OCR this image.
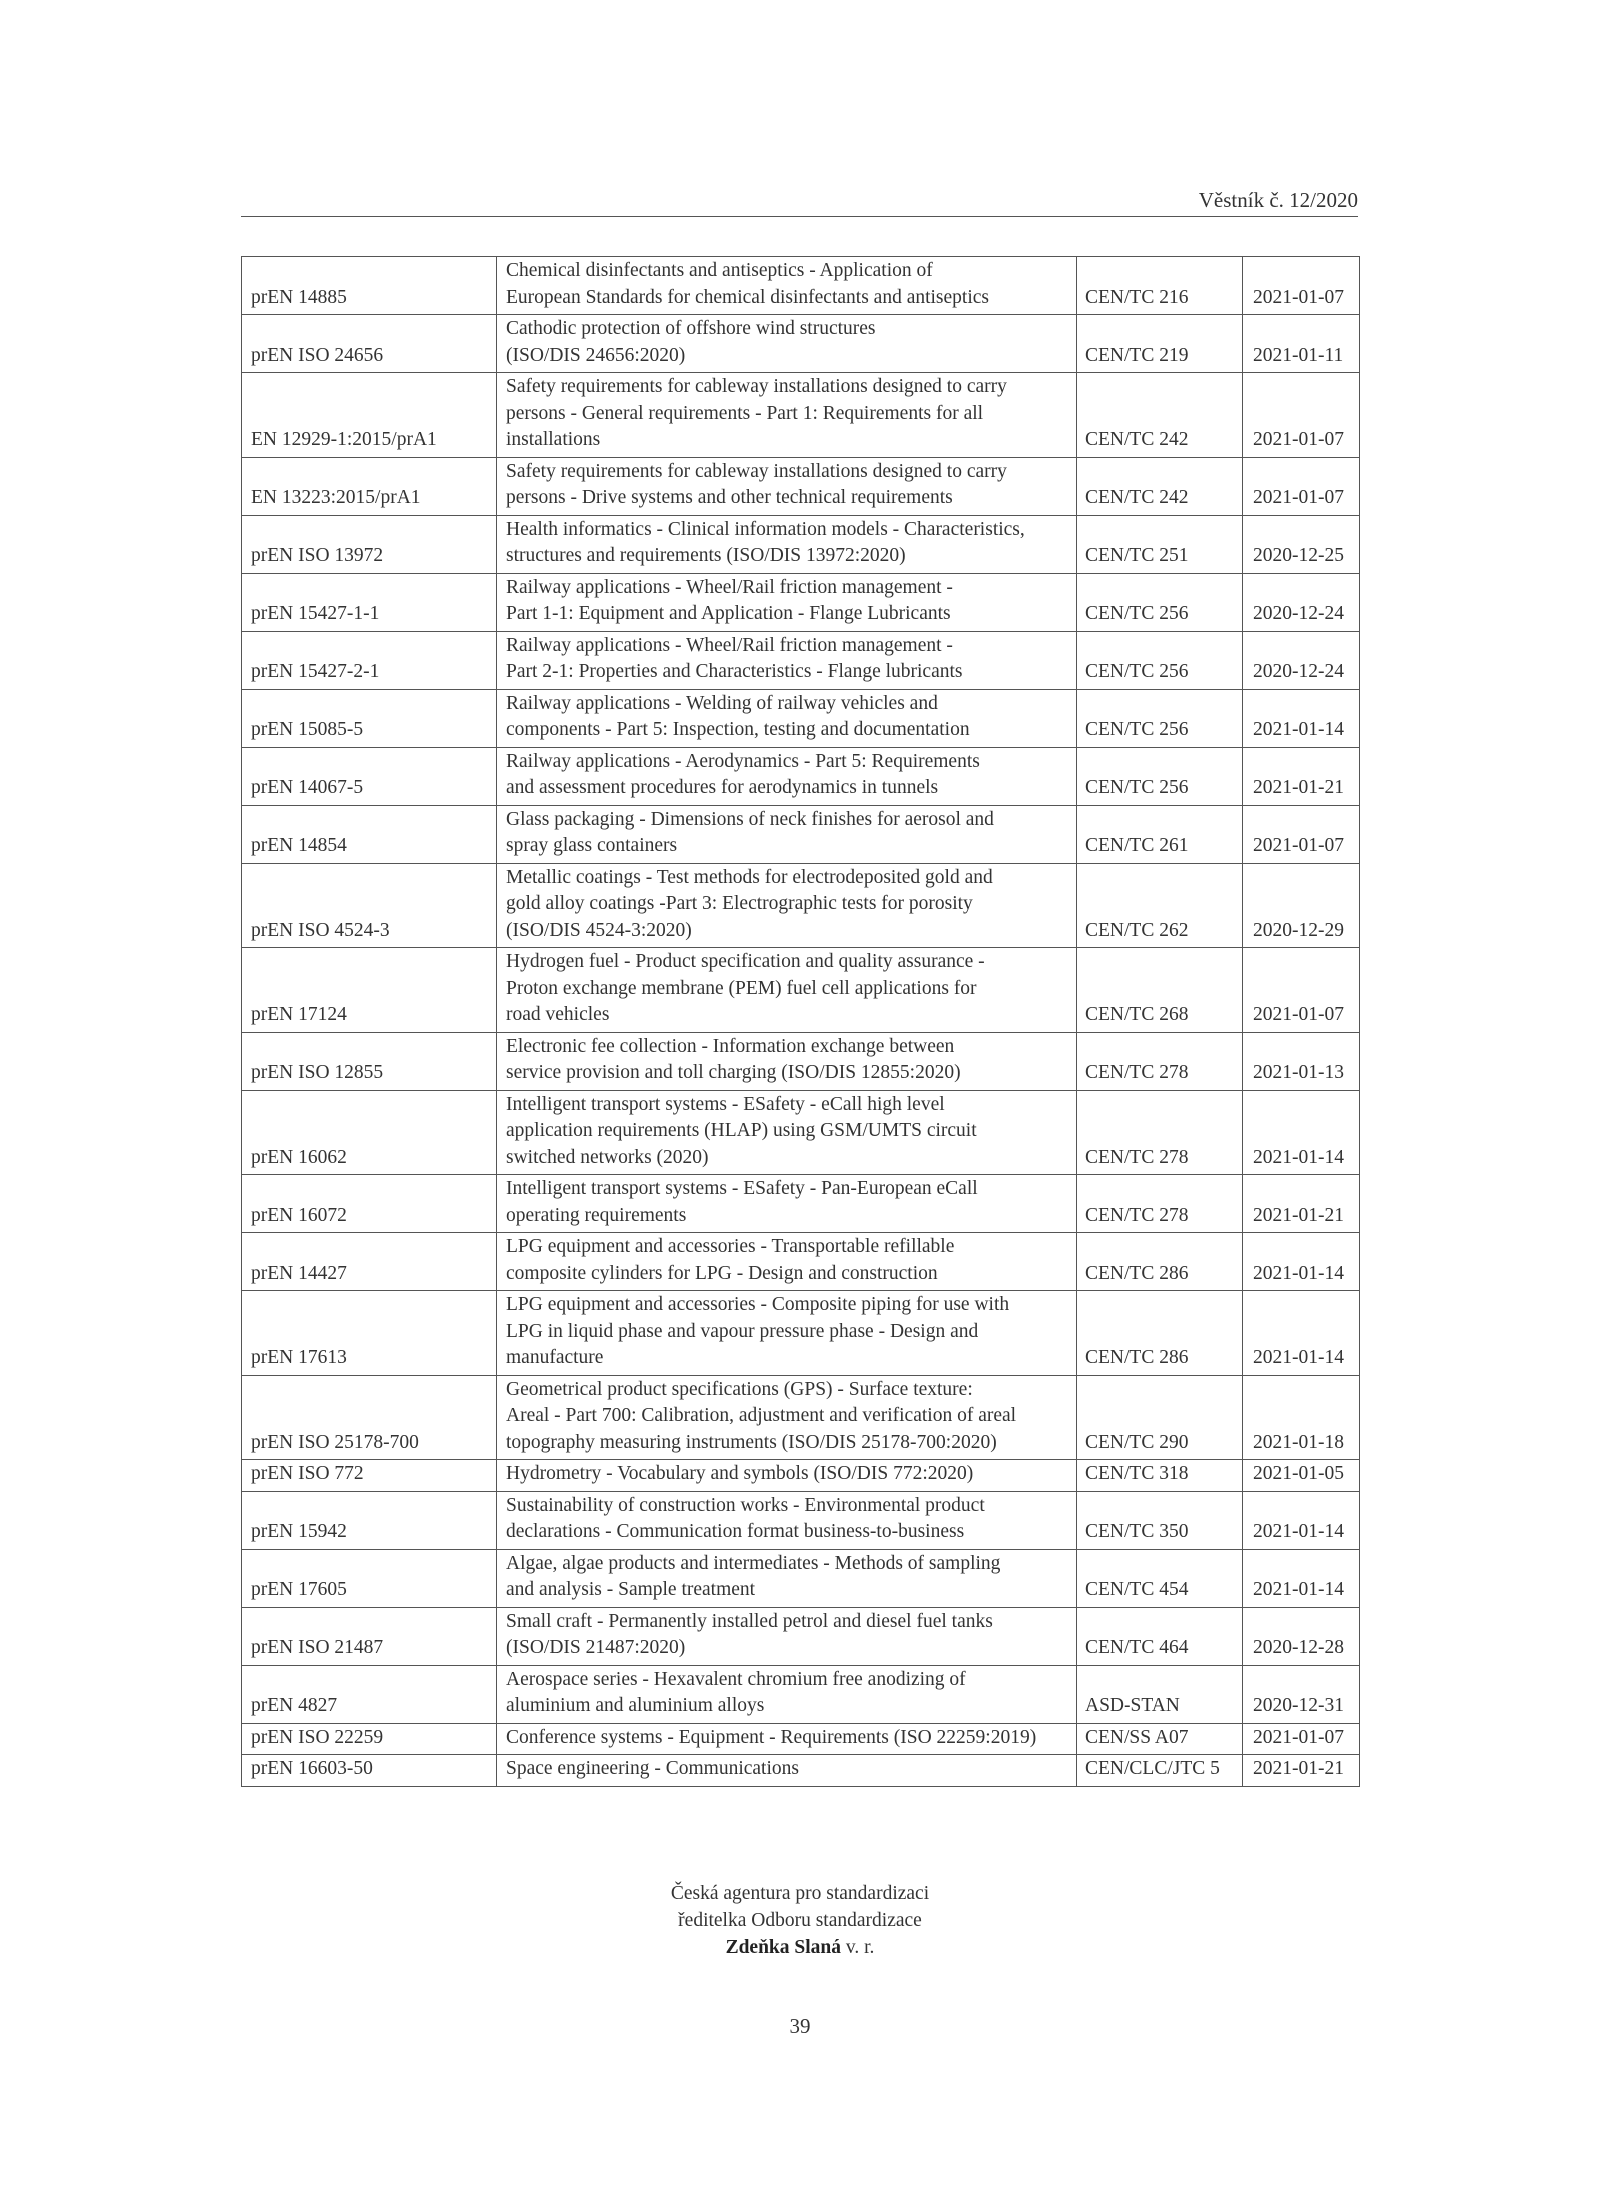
Věstník č. 12/2020
prEN 14885	Chemical disinfectants and antiseptics - Application of
European Standards for chemical disinfectants and antiseptics	CEN/TC 216	2021-01-07
prEN ISO 24656	Cathodic protection of offshore wind structures
(ISO/DIS 24656:2020)	CEN/TC 219	2021-01-11
EN 12929-1:2015/prA1	Safety requirements for cableway installations designed to carry
persons - General requirements - Part 1: Requirements for all
installations	CEN/TC 242	2021-01-07
EN 13223:2015/prA1	Safety requirements for cableway installations designed to carry
persons - Drive systems and other technical requirements	CEN/TC 242	2021-01-07
prEN ISO 13972	Health informatics - Clinical information models - Characteristics,
structures and requirements (ISO/DIS 13972:2020)	CEN/TC 251	2020-12-25
prEN 15427-1-1	Railway applications - Wheel/Rail friction management -
Part 1-1: Equipment and Application - Flange Lubricants	CEN/TC 256	2020-12-24
prEN 15427-2-1	Railway applications - Wheel/Rail friction management -
Part 2-1: Properties and Characteristics - Flange lubricants	CEN/TC 256	2020-12-24
prEN 15085-5	Railway applications - Welding of railway vehicles and
components - Part 5: Inspection, testing and documentation	CEN/TC 256	2021-01-14
prEN 14067-5	Railway applications - Aerodynamics - Part 5: Requirements
and assessment procedures for aerodynamics in tunnels	CEN/TC 256	2021-01-21
prEN 14854	Glass packaging - Dimensions of neck finishes for aerosol and
spray glass containers	CEN/TC 261	2021-01-07
prEN ISO 4524-3	Metallic coatings - Test methods for electrodeposited gold and
gold alloy coatings -Part 3: Electrographic tests for porosity
(ISO/DIS 4524-3:2020)	CEN/TC 262	2020-12-29
prEN 17124	Hydrogen fuel - Product specification and quality assurance -
Proton exchange membrane (PEM) fuel cell applications for
road vehicles	CEN/TC 268	2021-01-07
prEN ISO 12855	Electronic fee collection - Information exchange between
service provision and toll charging (ISO/DIS 12855:2020)	CEN/TC 278	2021-01-13
prEN 16062	Intelligent transport systems - ESafety - eCall high level
application requirements (HLAP) using GSM/UMTS circuit
switched networks (2020)	CEN/TC 278	2021-01-14
prEN 16072	Intelligent transport systems - ESafety - Pan-European eCall
operating requirements	CEN/TC 278	2021-01-21
prEN 14427	LPG equipment and accessories - Transportable refillable
composite cylinders for LPG - Design and construction	CEN/TC 286	2021-01-14
prEN 17613	LPG equipment and accessories - Composite piping for use with
LPG in liquid phase and vapour pressure phase - Design and
manufacture	CEN/TC 286	2021-01-14
prEN ISO 25178-700	Geometrical product specifications (GPS) - Surface texture:
Areal - Part 700: Calibration, adjustment and verification of areal
topography measuring instruments (ISO/DIS 25178-700:2020)	CEN/TC 290	2021-01-18
prEN ISO 772	Hydrometry - Vocabulary and symbols (ISO/DIS 772:2020)	CEN/TC 318	2021-01-05
prEN 15942	Sustainability of construction works - Environmental product
declarations - Communication format business-to-business	CEN/TC 350	2021-01-14
prEN 17605	Algae, algae products and intermediates - Methods of sampling
and analysis - Sample treatment	CEN/TC 454	2021-01-14
prEN ISO 21487	Small craft - Permanently installed petrol and diesel fuel tanks
(ISO/DIS 21487:2020)	CEN/TC 464	2020-12-28
prEN 4827	Aerospace series - Hexavalent chromium free anodizing of
aluminium and aluminium alloys	ASD-STAN	2020-12-31
prEN ISO 22259	Conference systems - Equipment - Requirements (ISO 22259:2019)	CEN/SS A07	2021-01-07
prEN 16603-50	Space engineering - Communications	CEN/CLC/JTC 5	2021-01-21
Česká agentura pro standardizaci
ředitelka Odboru standardizace
Zdeňka Slaná v. r.
39
